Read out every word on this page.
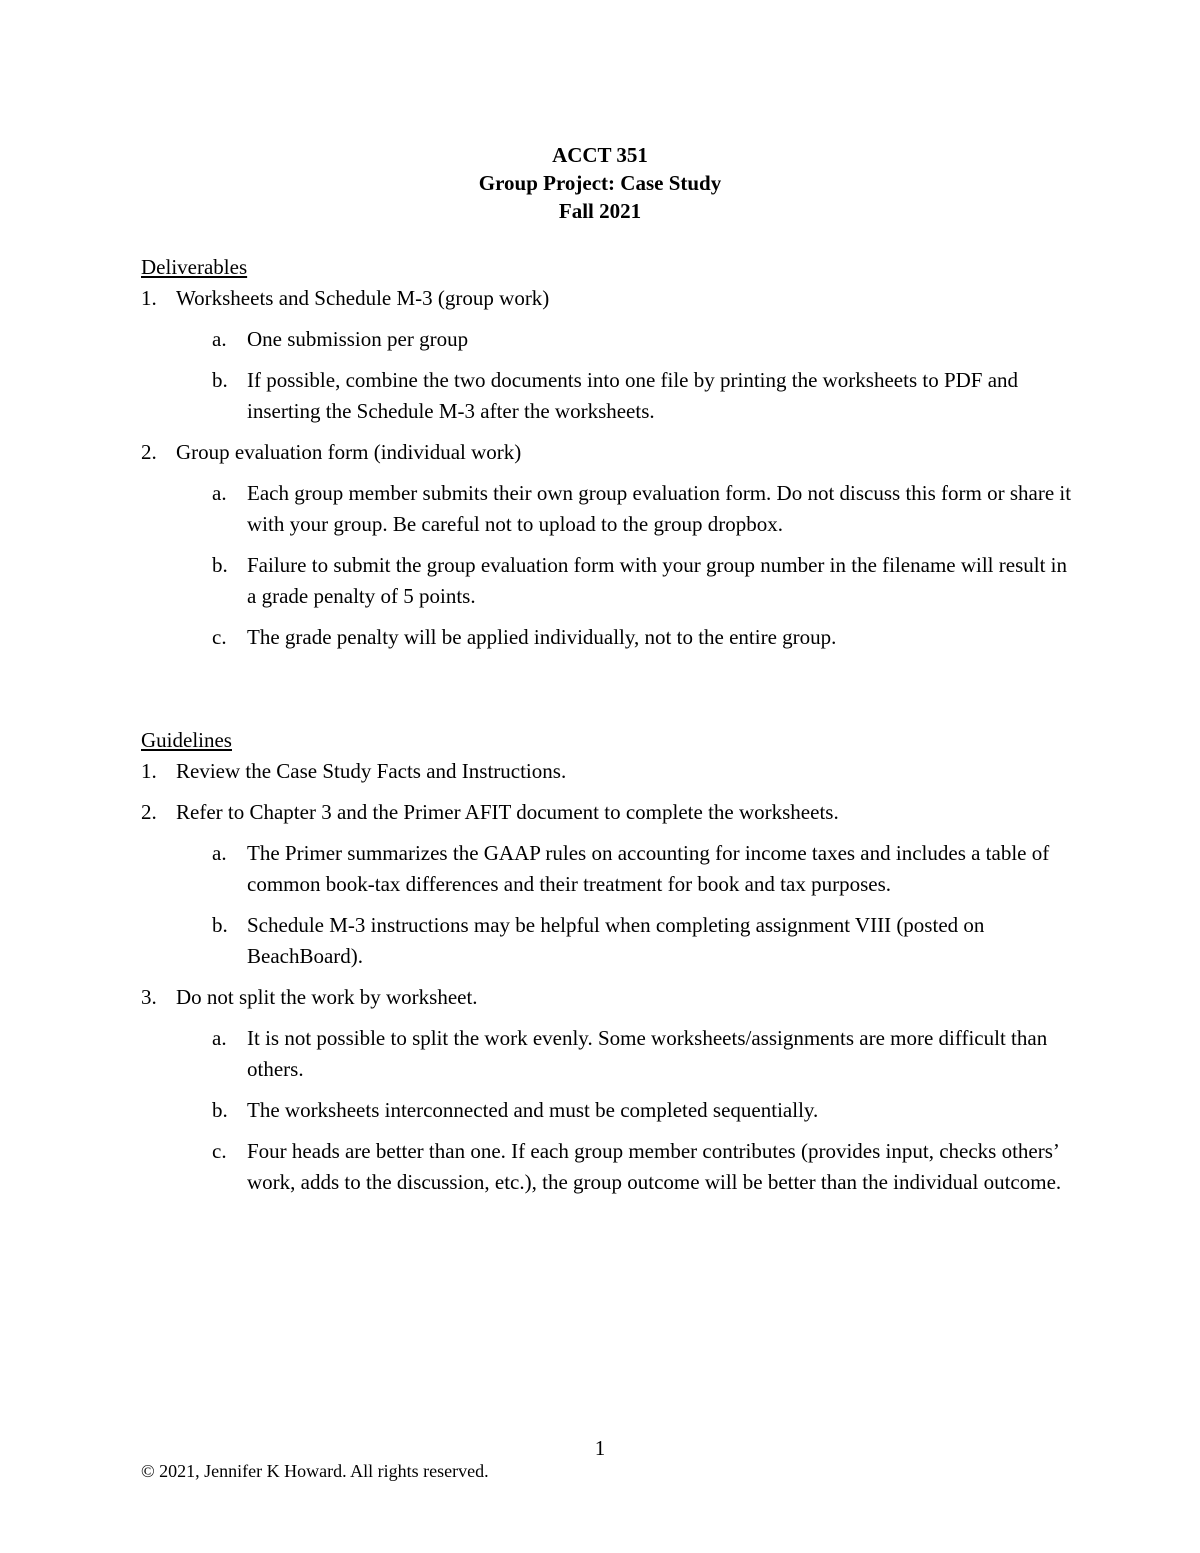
ACCT 351
Group Project: Case Study
Fall 2021
Deliverables
1. Worksheets and Schedule M-3 (group work)
a. One submission per group
b. If possible, combine the two documents into one file by printing the worksheets to PDF and inserting the Schedule M-3 after the worksheets.
2. Group evaluation form (individual work)
a. Each group member submits their own group evaluation form. Do not discuss this form or share it with your group. Be careful not to upload to the group dropbox.
b. Failure to submit the group evaluation form with your group number in the filename will result in a grade penalty of 5 points.
c. The grade penalty will be applied individually, not to the entire group.
Guidelines
1. Review the Case Study Facts and Instructions.
2. Refer to Chapter 3 and the Primer AFIT document to complete the worksheets.
a. The Primer summarizes the GAAP rules on accounting for income taxes and includes a table of common book-tax differences and their treatment for book and tax purposes.
b. Schedule M-3 instructions may be helpful when completing assignment VIII (posted on BeachBoard).
3. Do not split the work by worksheet.
a. It is not possible to split the work evenly. Some worksheets/assignments are more difficult than others.
b. The worksheets interconnected and must be completed sequentially.
c. Four heads are better than one. If each group member contributes (provides input, checks others’ work, adds to the discussion, etc.), the group outcome will be better than the individual outcome.
1
© 2021, Jennifer K Howard. All rights reserved.
